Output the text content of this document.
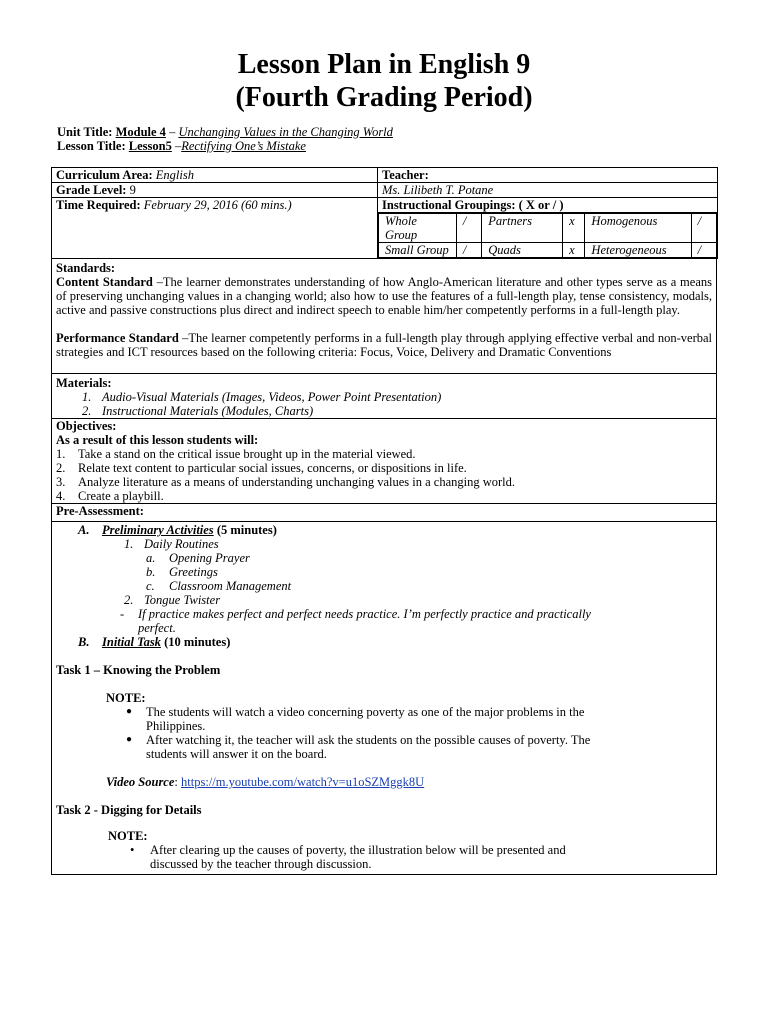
Lesson Plan in English 9
(Fourth Grading Period)
Unit Title: Module 4 – Unchanging Values in the Changing World
Lesson Title: Lesson5 –Rectifying One’s Mistake
Curriculum Area: English	Teacher:
Grade Level: 9	Ms. Lilibeth T. Potane
Time Required: February 29, 2016 (60 mins.)	Instructional Groupings: ( X or / )

Whole Group	/	Partners	x	Homogenous	/
Small Group	/	Quads	x	Heterogeneous	/
Standards:
Content Standard –The learner demonstrates understanding of how Anglo-American literature and other types serve as a means of preserving unchanging values in a changing world; also how to use the features of a full-length play, tense consistency, modals, active and passive constructions plus direct and indirect speech to enable him/her competently performs in a full-length play.
Performance Standard –The learner competently performs in a full-length play through applying effective verbal and non-verbal strategies and ICT resources based on the following criteria: Focus, Voice, Delivery and Dramatic Conventions
Materials:
1. Audio-Visual Materials (Images, Videos, Power Point Presentation)
2. Instructional Materials (Modules, Charts)
Objectives:
As a result of this lesson students will:
1.	Take a stand on the critical issue brought up in the material viewed.
2.	Relate text content to particular social issues, concerns, or dispositions in life.
3.	Analyze literature as a means of understanding unchanging values in a changing world.
4.	Create a playbill.
Pre-Assessment:
A.	Preliminary Activities (5 minutes)
1. Daily Routines
a.	Opening Prayer
b.	Greetings
c.	Classroom Management
2. Tongue Twister
-	If practice makes perfect and perfect needs practice. I’m perfectly practice and practically
perfect.
B.	Initial Task (10 minutes)
Task 1 – Knowing the Problem
NOTE:
●	The students will watch a video concerning poverty as one of the major problems in the
Philippines.
●	After watching it, the teacher will ask the students on the possible causes of poverty. The
students will answer it on the board.
Video Source: https://m.youtube.com/watch?v=u1oSZMggk8U
Task 2 - Digging for Details
NOTE:
•	After clearing up the causes of poverty, the illustration below will be presented and
discussed by the teacher through discussion.
